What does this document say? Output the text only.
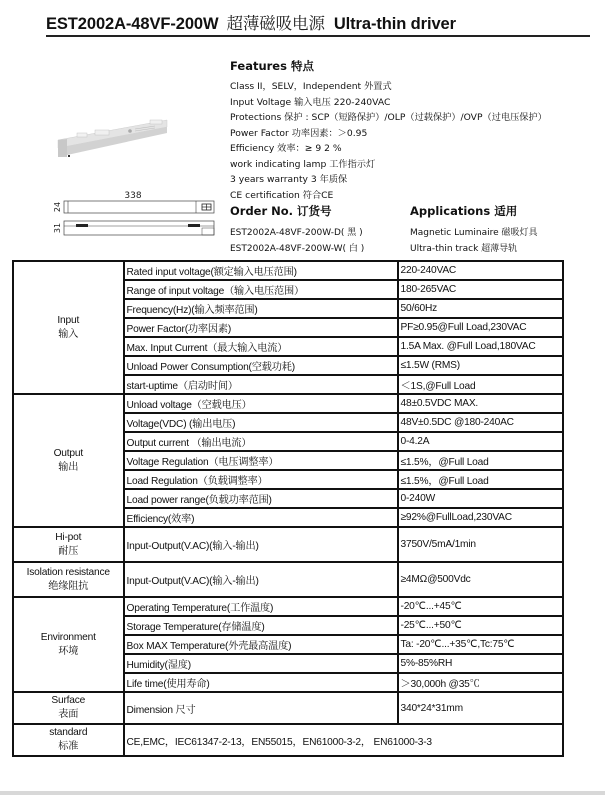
EST2002A-48VF-200W 超薄磁吸电源 Ultra-thin driver
338
24
31
Features 特点
Class II，SELV，Independent 外置式
Input Voltage 输入电压 220-240VAC
Protections 保护 : SCP（短路保护）/OLP（过载保护）/OVP（过电压保护）
Power Factor 功率因素：＞0.95
Efficiency 效率：≥ 9 2 %
work indicating lamp 工作指示灯
3 years warranty 3 年质保
CE certification 符合CE
Order No. 订货号
EST2002A-48VF-200W-D( 黑 )
EST2002A-48VF-200W-W( 白 )
Applications 适用
Magnetic Luminaire 磁吸灯具
Ultra-thin track 超薄导轨
Input
输入	Rated input voltage(额定输入电压范围)	220-240VAC
	Range of input voltage（输入电压范围）	180-265VAC
	Frequency(Hz)(输入频率范围)	50/60Hz
	Power Factor(功率因素)	PF≥0.95@Full Load,230VAC
	Max. Input Current（最大输入电流）	1.5A Max. @Full Load,180VAC
	Unload Power Consumption(空载功耗)	≤1.5W (RMS)
	start-uptime（启动时间）	＜1S,@Full Load

Output
输出	Unload voltage（空载电压）	48±0.5VDC MAX.
	Voltage(VDC) (输出电压)	48V±0.5DC @180-240AC
	Output current （输出电流）	0-4.2A
	Voltage Regulation（电压调整率）	≤1.5%，@Full Load
	Load Regulation（负载调整率）	≤1.5%，@Full Load
	Load power range(负载功率范围)	0-240W
	Efficiency(效率)	≥92%@FullLoad,230VAC

Hi-pot
耐压	Input-Output(V.AC)(输入-输出)	3750V/5mA/1min

Isolation resistance
绝缘阻抗	Input-Output(V.AC)(输入-输出)	≥4MΩ@500Vdc

Environment
环境	Operating Temperature(工作温度)	-20℃...+45℃
	Storage Temperature(存储温度)	-25℃...+50℃
	Box MAX Temperature(外壳最高温度)	Ta: -20℃...+35℃,Tc:75℃
	Humidity(湿度)	5%-85%RH
	Life time(使用寿命)	＞30,000h @35℃

Surface
表面	Dimension 尺寸	340*24*31mm

standard
标准	CE,EMC，IEC61347-2-13，EN55015，EN61000-3-2， EN61000-3-3	
